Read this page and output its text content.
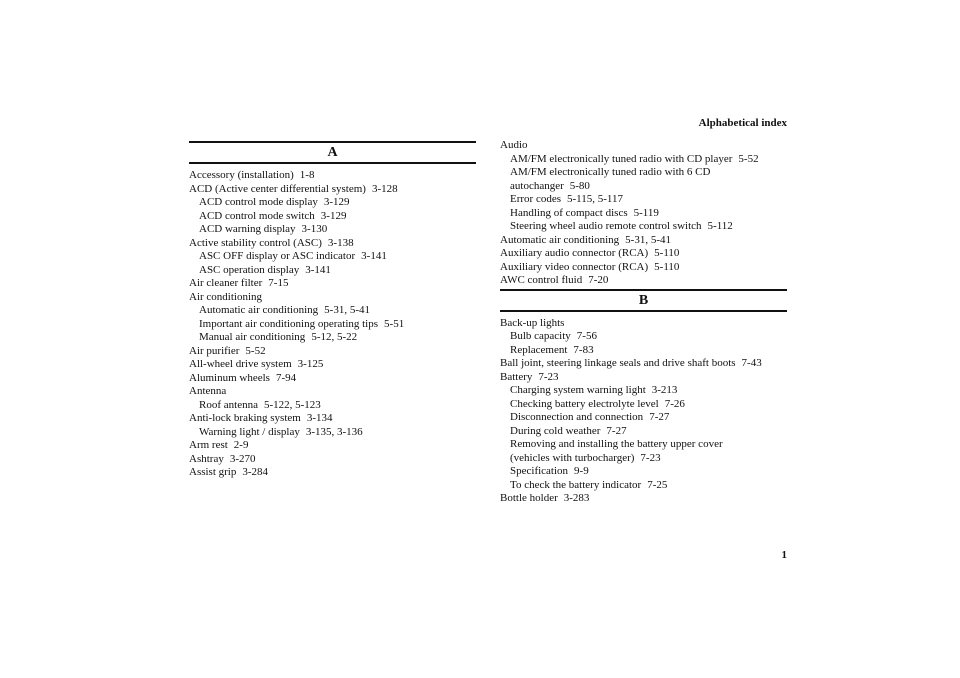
Alphabetical index
A
Accessory (installation) 1-8
ACD (Active center differential system) 3-128
ACD control mode display 3-129
ACD control mode switch 3-129
ACD warning display 3-130
Active stability control (ASC) 3-138
ASC OFF display or ASC indicator 3-141
ASC operation display 3-141
Air cleaner filter 7-15
Air conditioning
Automatic air conditioning 5-31, 5-41
Important air conditioning operating tips 5-51
Manual air conditioning 5-12, 5-22
Air purifier 5-52
All-wheel drive system 3-125
Aluminum wheels 7-94
Antenna
Roof antenna 5-122, 5-123
Anti-lock braking system 3-134
Warning light / display 3-135, 3-136
Arm rest 2-9
Ashtray 3-270
Assist grip 3-284
Audio
AM/FM electronically tuned radio with CD player 5-52
AM/FM electronically tuned radio with 6 CD
autochanger 5-80
Error codes 5-115, 5-117
Handling of compact discs 5-119
Steering wheel audio remote control switch 5-112
Automatic air conditioning 5-31, 5-41
Auxiliary audio connector (RCA) 5-110
Auxiliary video connector (RCA) 5-110
AWC control fluid 7-20
B
Back-up lights
Bulb capacity 7-56
Replacement 7-83
Ball joint, steering linkage seals and drive shaft boots 7-43
Battery 7-23
Charging system warning light 3-213
Checking battery electrolyte level 7-26
Disconnection and connection 7-27
During cold weather 7-27
Removing and installing the battery upper cover
(vehicles with turbocharger) 7-23
Specification 9-9
To check the battery indicator 7-25
Bottle holder 3-283
1
